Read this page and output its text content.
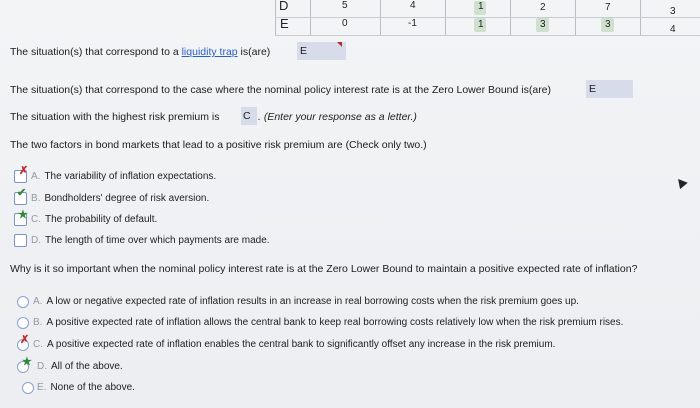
D
E
5
0
4
-1
1
1
2
3
7
3
3
4
The situation(s) that correspond to a liquidity trap is(are)	E
The situation(s) that correspond to the case where the nominal policy interest rate is at the Zero Lower Bound is(are)	E
The situation with the highest risk premium is C . (Enter your response as a letter.)
The two factors in bond markets that lead to a positive risk premium are (Check only two.)
✗ A. The variability of inflation expectations.
✔ B. Bondholders' degree of risk aversion.
★ C. The probability of default.
D. The length of time over which payments are made.
Why is it so important when the nominal policy interest rate is at the Zero Lower Bound to maintain a positive expected rate of inflation?
A. A low or negative expected rate of inflation results in an increase in real borrowing costs when the risk premium goes up.
B. A positive expected rate of inflation allows the central bank to keep real borrowing costs relatively low when the risk premium rises.
✗ C. A positive expected rate of inflation enables the central bank to significantly offset any increase in the risk premium.
★ D. All of the above.
E. None of the above.
